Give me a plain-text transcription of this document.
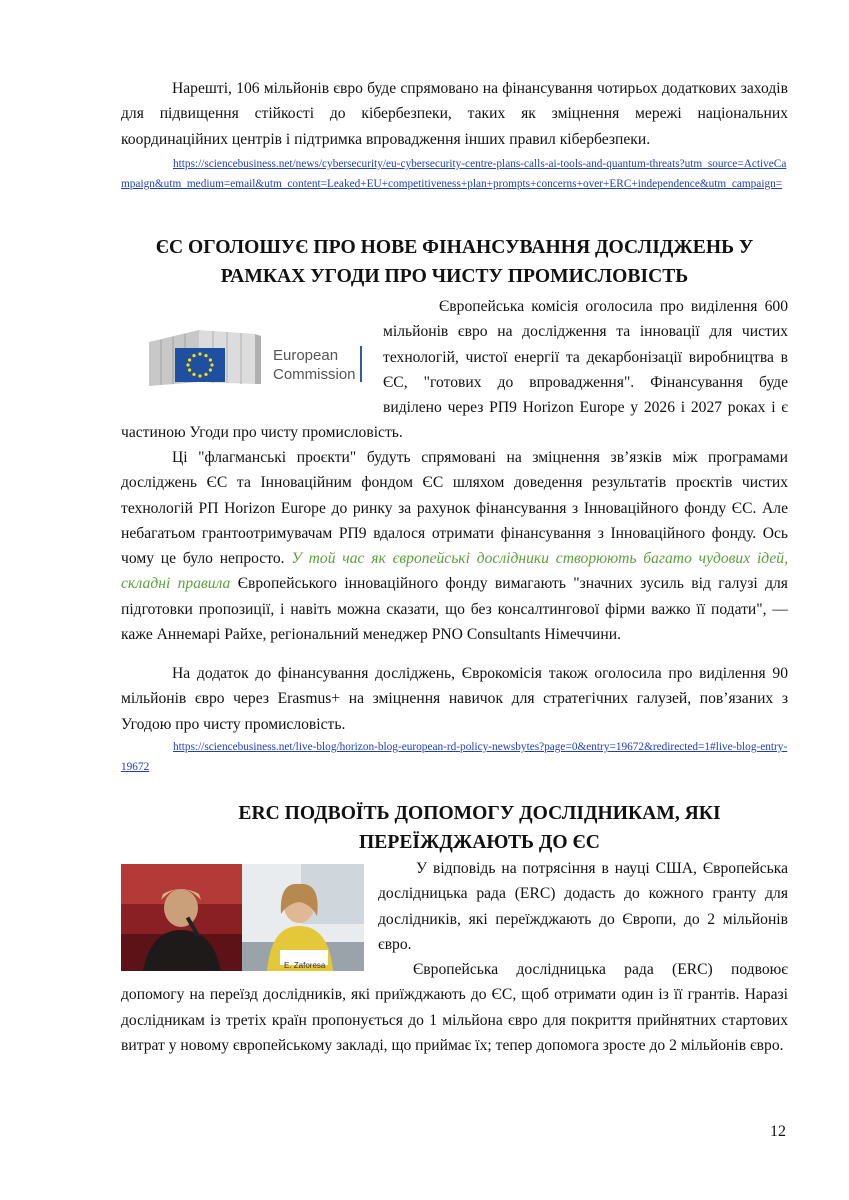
Нарешті, 106 мільйонів євро буде спрямовано на фінансування чотирьох додаткових заходів для підвищення стійкості до кібербезпеки, таких як зміцнення мережі національних координаційних центрів і підтримка впровадження інших правил кібербезпеки.

https://sciencebusiness.net/news/cybersecurity/eu-cybersecurity-centre-plans-calls-ai-tools-and-quantum-threats?utm_source=ActiveCampaign&utm_medium=email&utm_content=Leaked+EU+competitiveness+plan+prompts+concerns+over+ERC+independence&utm_campaign=

ЄС ОГОЛОШУЄ ПРО НОВЕ ФІНАНСУВАННЯ ДОСЛІДЖЕНЬ У
РАМКАХ УГОДИ ПРО ЧИСТУ ПРОМИСЛОВІСТЬ
European
Commission
Європейська комісія оголосила про виділення 600 мільйонів євро на дослідження та інновації для чистих технологій, чистої енергії та декарбонізації виробництва в ЄС, "готових до впровадження". Фінансування буде виділено через РП9 Horizon Europe у 2026 і 2027 роках і є частиною Угоди про чисту промисловість.
Ці "флагманські проєкти" будуть спрямовані на зміцнення зв’язків між програмами досліджень ЄС та Інноваційним фондом ЄС шляхом доведення результатів проєктів чистих технологій РП Horizon Europe до ринку за рахунок фінансування з Інноваційного фонду ЄС. Але небагатьом грантоотримувачам РП9 вдалося отримати фінансування з Інноваційного фонду. Ось чому це було непросто. У той час як європейські дослідники створюють багато чудових ідей, складні правила Європейського інноваційного фонду вимагають "значних зусиль від галузі для підготовки пропозиції, і навіть можна сказати, що без консалтингової фірми важко її подати", — каже Аннемарі Райхе, регіональний менеджер PNO Consultants Німеччини.

На додаток до фінансування досліджень, Єврокомісія також оголосила про виділення 90 мільйонів євро через Erasmus+ на зміцнення навичок для стратегічних галузей, пов’язаних з Угодою про чисту промисловість.

https://sciencebusiness.net/live-blog/horizon-blog-european-rd-policy-newsbytes?page=0&entry=19672&redirected=1#live-blog-entry-19672

ERC ПОДВОЇТЬ ДОПОМОГУ ДОСЛІДНИКАМ, ЯКІ
ПЕРЕЇЖДЖАЮТЬ ДО ЄС
E. Zaforesa
У відповідь на потрясіння в науці США, Європейська дослідницька рада (ERC) додасть до кожного гранту для дослідників, які переїжджають до Європи, до 2 мільйонів євро.

Європейська дослідницька рада (ERC) подвоює допомогу на переїзд дослідників, які приїжджають до ЄС, щоб отримати один із її грантів. Наразі дослідникам із третіх країн пропонується до 1 мільйона євро для покриття прийнятних стартових витрат у новому європейському закладі, що приймає їх; тепер допомога зросте до 2 мільйонів євро.

12
